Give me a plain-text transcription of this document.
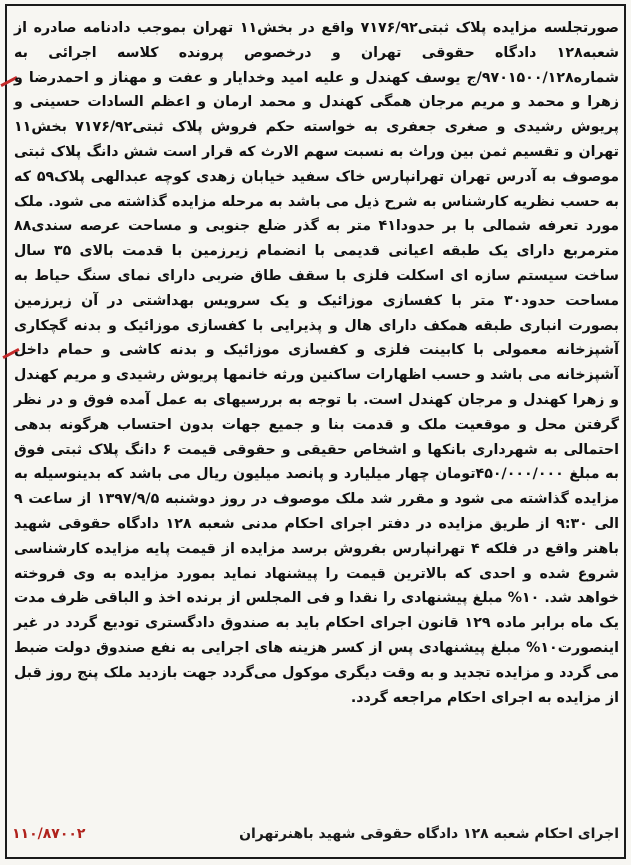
صورتجلسه مزایده پلاک ثبتی۷۱۷۶/۹۲ واقع در بخش۱۱ تهران بموجب دادنامه صادره از شعبه۱۲۸ دادگاه حقوقی تهران و درخصوص پرونده کلاسه اجرائی به شماره۹۷۰۱۵۰۰/۱۲۸/ج یوسف کهندل و علیه امید وخدایار و عفت و مهناز و احمدرضا و زهرا و محمد و مریم مرجان همگی کهندل و محمد ارمان و اعظم السادات حسینی و پریوش رشیدی و صغری جعفری به خواسته حکم فروش پلاک ثبتی۷۱۷۶/۹۲ بخش۱۱ تهران و تقسیم ثمن بین وراث به نسبت سهم الارث که قرار است شش دانگ پلاک ثبتی موصوف به آدرس تهران تهرانپارس خاک سفید خیابان زهدی کوچه عبدالهی پلاک۵۹ که به حسب نظریه کارشناس به شرح ذیل می باشد به مرحله مزایده گذاشته می شود. ملک مورد تعرفه شمالی با بر حدودا۴۱ متر به گذر ضلع جنوبی و مساحت عرصه سندی۸۸ مترمربع دارای یک طبقه اعیانی قدیمی با انضمام زیرزمین با قدمت بالای ۳۵ سال ساخت سیستم سازه ای اسکلت فلزی با سقف طاق ضربی دارای نمای سنگ حیاط به مساحت حدود۳۰ متر با کفسازی موزائیک و یک سرویس بهداشتی در آن زیرزمین بصورت انباری طبقه همکف دارای هال و پذیرایی با کفسازی موزائیک و بدنه گچکاری آشپزخانه معمولی با کابینت فلزی و کفسازی موزائیک و بدنه کاشی و حمام داخل آشپزخانه می باشد و حسب اظهارات ساکنین ورثه خانمها پریوش رشیدی و مریم کهندل و زهرا کهندل و مرجان کهندل است. با توجه به بررسیهای به عمل آمده فوق و در نظر گرفتن محل و موقعیت ملک و قدمت بنا و جمیع جهات بدون احتساب هرگونه بدهی احتمالی به شهرداری بانکها و اشخاص حقیقی و حقوقی قیمت ۶ دانگ پلاک ثبتی فوق به مبلغ ۴۵۰/۰۰۰/۰۰۰تومان چهار میلیارد و پانصد میلیون ریال می باشد که بدینوسیله به مزایده گذاشته می شود و مقرر شد ملک موصوف در روز دوشنبه ۱۳۹۷/۹/۵ از ساعت ۹ الی ۹:۳۰ از طریق مزایده در دفتر اجرای احکام مدنی شعبه ۱۲۸ دادگاه حقوقی شهید باهنر واقع در فلکه ۴ تهرانپارس بفروش برسد مزایده از قیمت پایه مزایده کارشناسی شروع شده و احدی که بالاترین قیمت را پیشنهاد نماید بمورد مزایده به وی فروخته خواهد شد. ۱۰% مبلغ پیشنهادی را نقدا و فی المجلس از برنده اخذ و الباقی ظرف مدت یک ماه برابر ماده ۱۲۹ قانون اجرای احکام باید به صندوق دادگستری تودیع گردد در غیر اینصورت۱۰% مبلغ پیشنهادی پس از کسر هزینه های اجرایی به نفع صندوق دولت ضبط می گردد و مزایده تجدید و به وقت دیگری موکول می‌گردد جهت بازدید ملک پنج روز قبل از مزایده به اجرای احکام مراجعه گردد.

اجرای احکام شعبه ۱۲۸ دادگاه حقوقی شهید باهنرتهران
۱۱۰/۸۷۰۰۲
